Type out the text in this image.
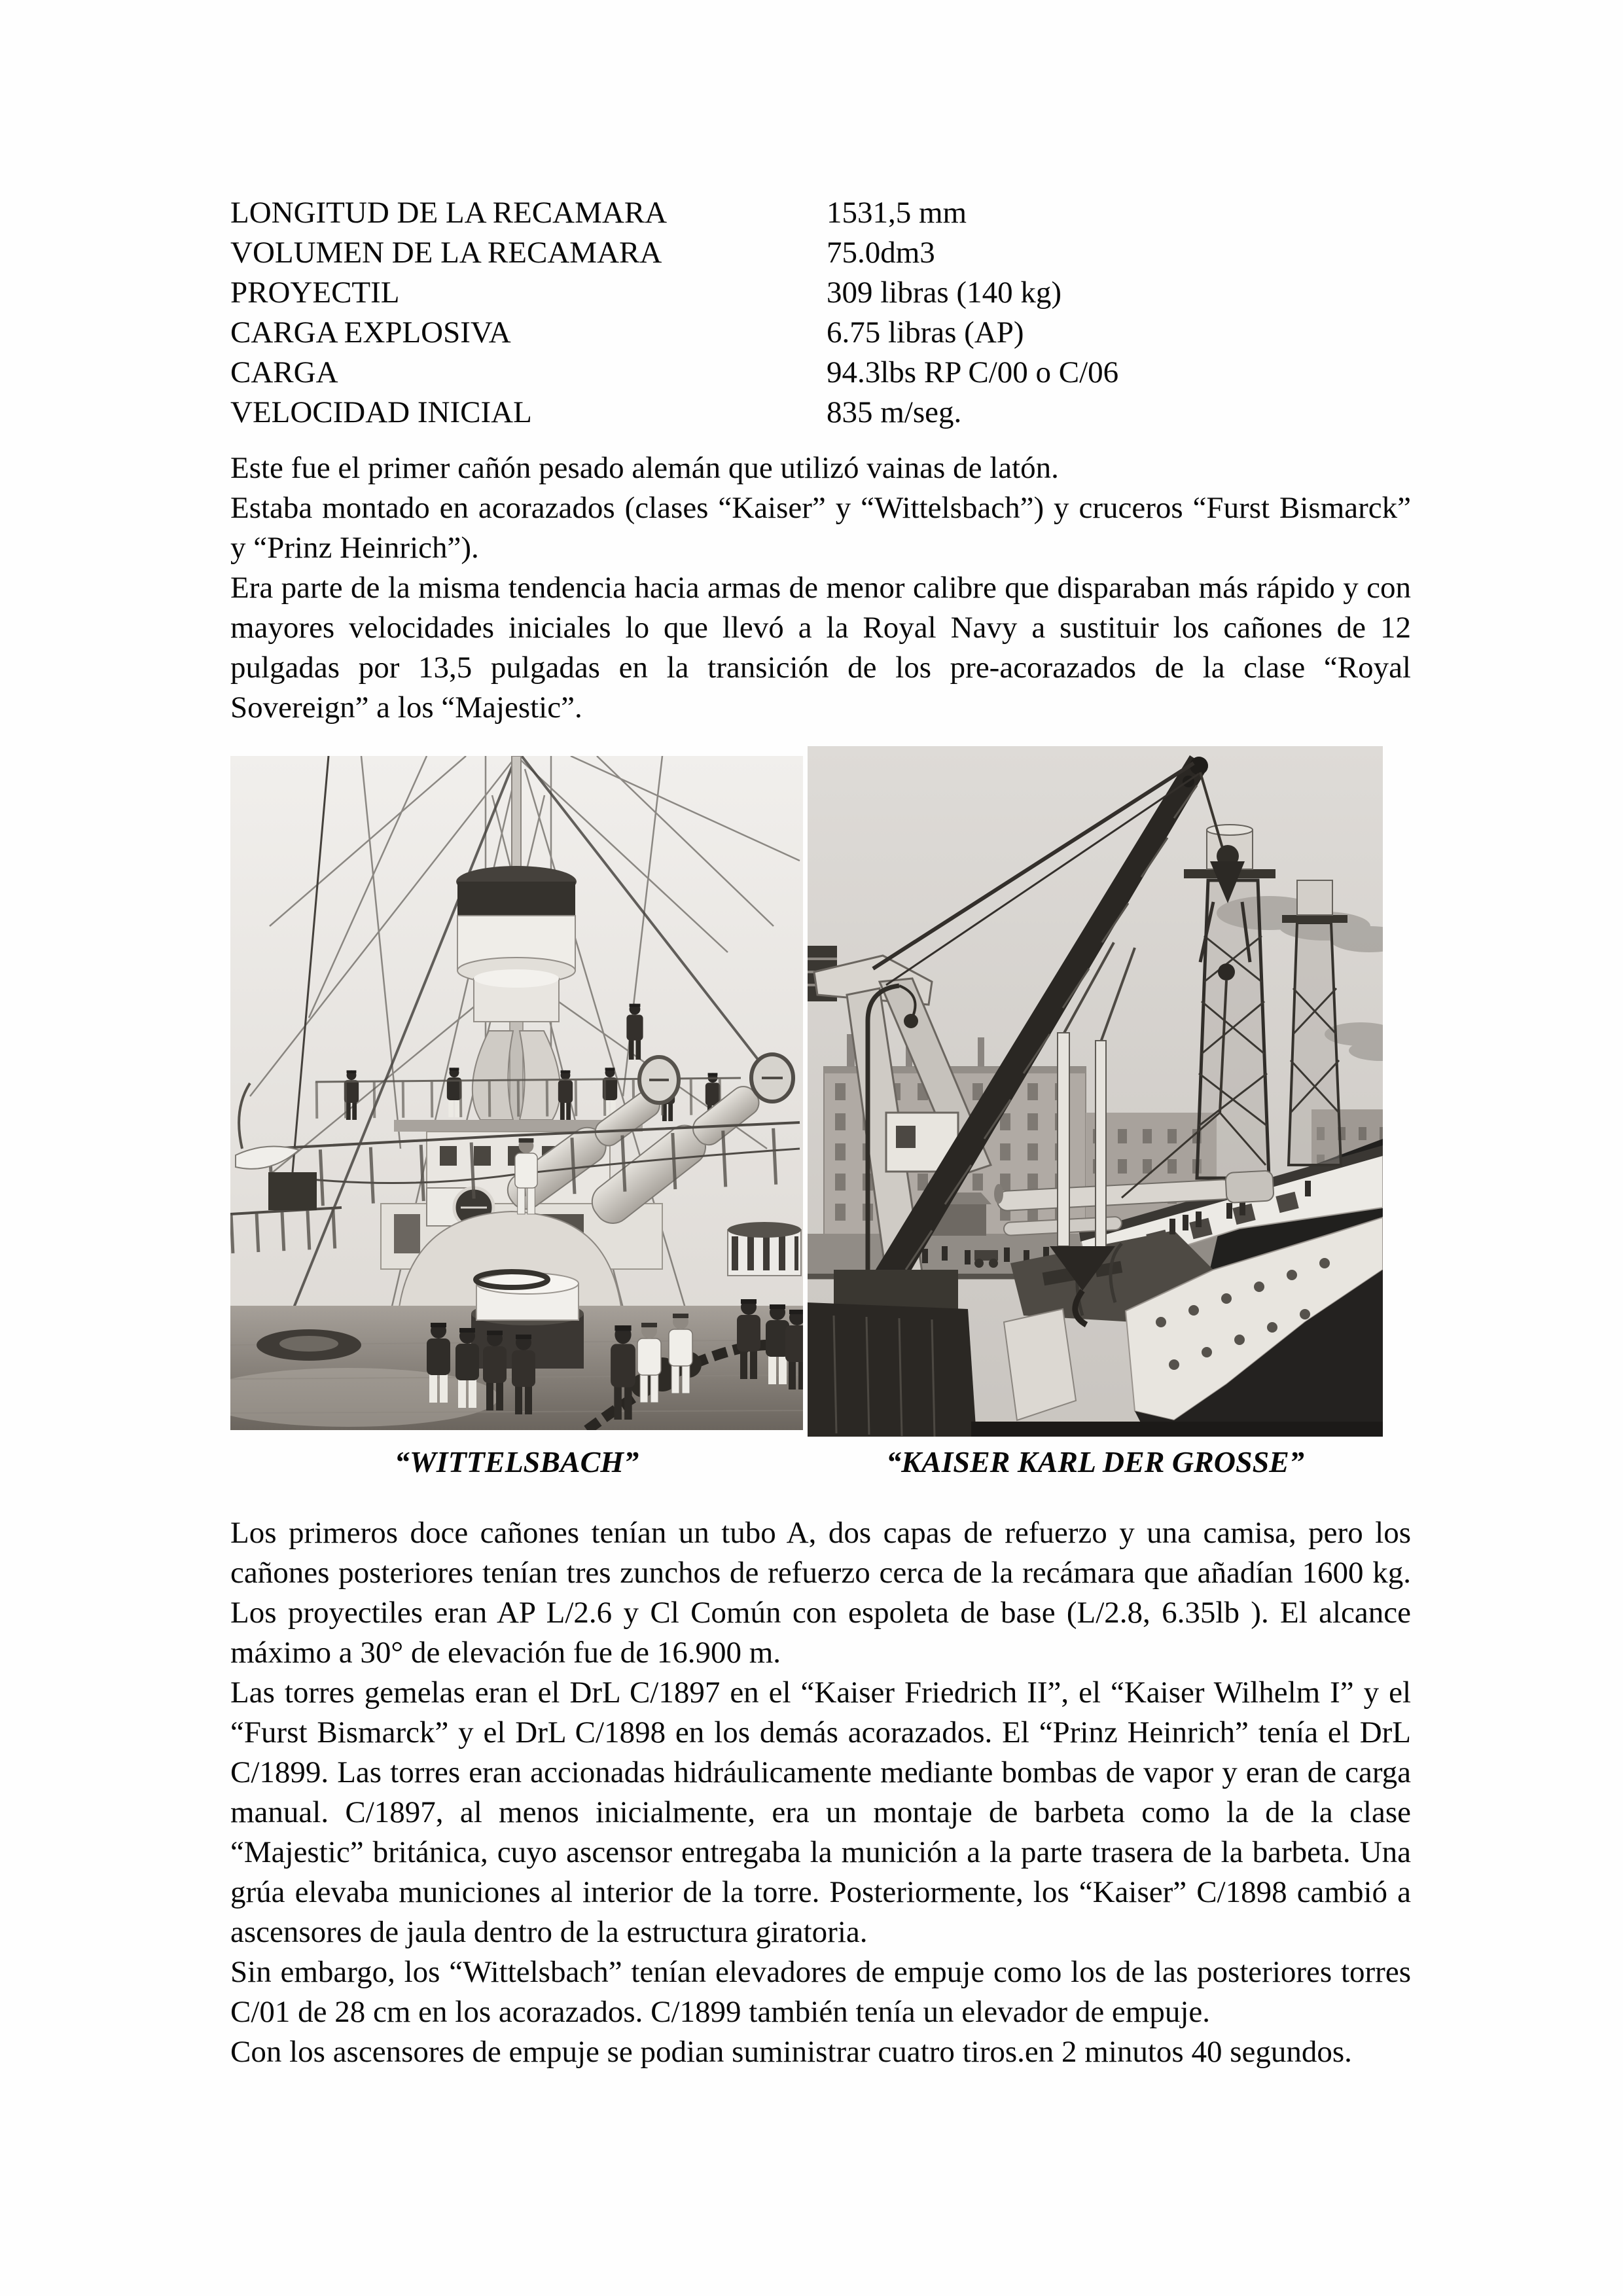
LONGITUD DE LA RECAMARA	1531,5 mm
VOLUMEN DE LA RECAMARA	75.0dm3
PROYECTIL	309 libras (140 kg)
CARGA EXPLOSIVA	6.75 libras (AP)
CARGA	94.3lbs RP C/00 o C/06
VELOCIDAD INICIAL	835 m/seg.

Este fue el primer cañón pesado alemán que utilizó vainas de latón.

Estaba montado en acorazados (clases “Kaiser” y “Wittelsbach”) y cruceros “Furst Bismarck” y “Prinz Heinrich”).

Era parte de la misma tendencia hacia armas de menor calibre que disparaban más rápido y con mayores velocidades iniciales lo que llevó a la Royal Navy a sustituir los cañones de 12 pulgadas por 13,5 pulgadas en la transición de los pre-acorazados de la clase “Royal Sovereign” a los “Majestic”.

“WITTELSBACH”	“KAISER KARL DER GROSSE”

Los primeros doce cañones tenían un tubo A, dos capas de refuerzo y una camisa, pero los cañones posteriores tenían tres zunchos de refuerzo cerca de la recámara que añadían 1600 kg. Los proyectiles eran AP L/2.6 y Cl Común con espoleta de base (L/2.8, 6.35lb ). El alcance máximo a 30° de elevación fue de 16.900 m.

Las torres gemelas eran el DrL C/1897 en el “Kaiser Friedrich II”, el “Kaiser Wilhelm I” y el “Furst Bismarck” y el DrL C/1898 en los demás acorazados. El “Prinz Heinrich” tenía el DrL C/1899. Las torres eran accionadas hidráulicamente mediante bombas de vapor y eran de carga manual. C/1897, al menos inicialmente, era un montaje de barbeta como la de la clase “Majestic” británica, cuyo ascensor entregaba la munición a la parte trasera de la barbeta. Una grúa elevaba municiones al interior de la torre. Posteriormente, los “Kaiser” C/1898 cambió a ascensores de jaula dentro de la estructura giratoria.

Sin embargo, los “Wittelsbach” tenían elevadores de empuje como los de las posteriores torres C/01 de 28 cm en los acorazados. C/1899 también tenía un elevador de empuje.

Con los ascensores de empuje se podian suministrar cuatro tiros.en 2 minutos 40 segundos.
